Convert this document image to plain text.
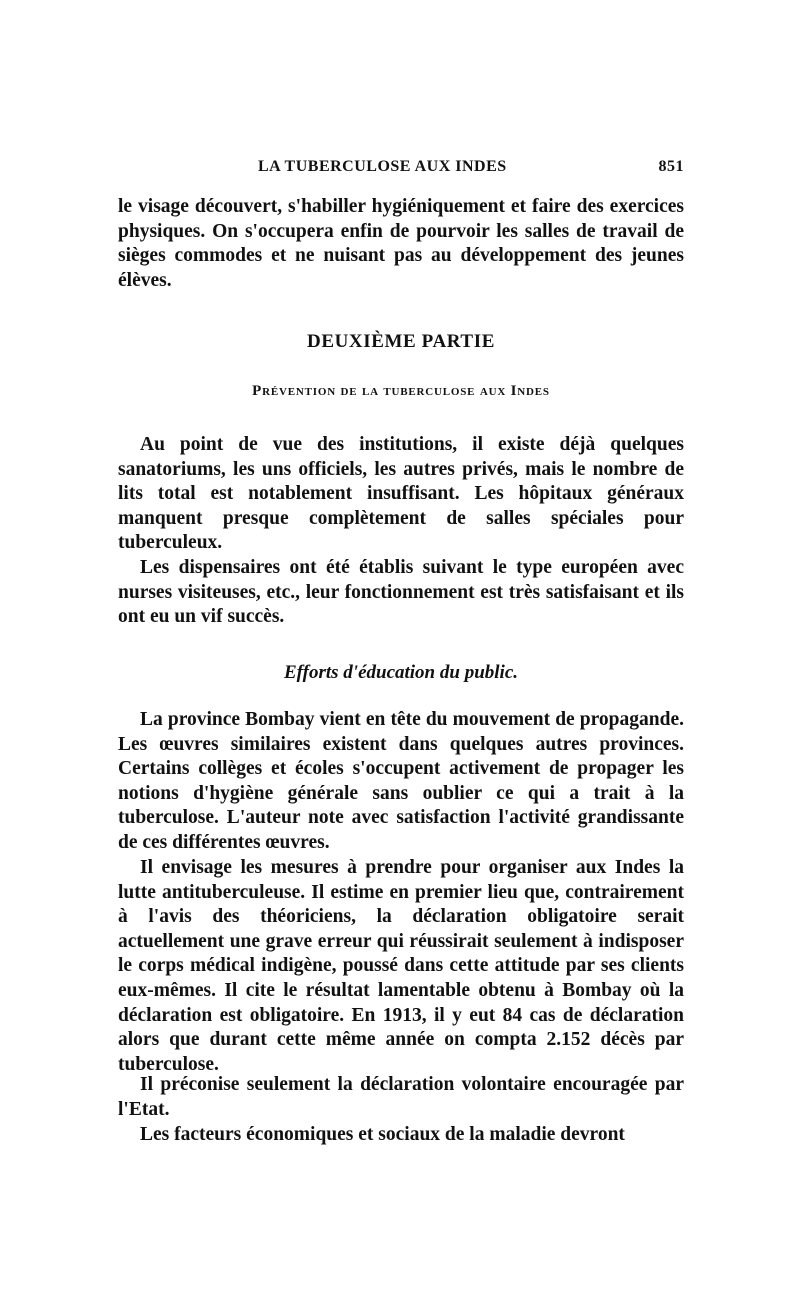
LA TUBERCULOSE AUX INDES	851
le visage découvert, s'habiller hygiéniquement et faire des exercices physiques. On s'occupera enfin de pourvoir les salles de travail de sièges commodes et ne nuisant pas au développement des jeunes élèves.
DEUXIÈME PARTIE
Prévention de la tuberculose aux Indes
Au point de vue des institutions, il existe déjà quelques sanatoriums, les uns officiels, les autres privés, mais le nombre de lits total est notablement insuffisant. Les hôpitaux généraux manquent presque complètement de salles spéciales pour tuberculeux.
Les dispensaires ont été établis suivant le type européen avec nurses visiteuses, etc., leur fonctionnement est très satisfaisant et ils ont eu un vif succès.
Efforts d'éducation du public.
La province Bombay vient en tête du mouvement de propagande. Les œuvres similaires existent dans quelques autres provinces. Certains collèges et écoles s'occupent activement de propager les notions d'hygiène générale sans oublier ce qui a trait à la tuberculose. L'auteur note avec satisfaction l'activité grandissante de ces différentes œuvres.
Il envisage les mesures à prendre pour organiser aux Indes la lutte antituberculeuse. Il estime en premier lieu que, contrairement à l'avis des théoriciens, la déclaration obligatoire serait actuellement une grave erreur qui réussirait seulement à indisposer le corps médical indigène, poussé dans cette attitude par ses clients eux-mêmes. Il cite le résultat lamentable obtenu à Bombay où la déclaration est obligatoire. En 1913, il y eut 84 cas de déclaration alors que durant cette même année on compta 2.152 décès par tuberculose.
Il préconise seulement la déclaration volontaire encouragée par l'Etat.
Les facteurs économiques et sociaux de la maladie devront
